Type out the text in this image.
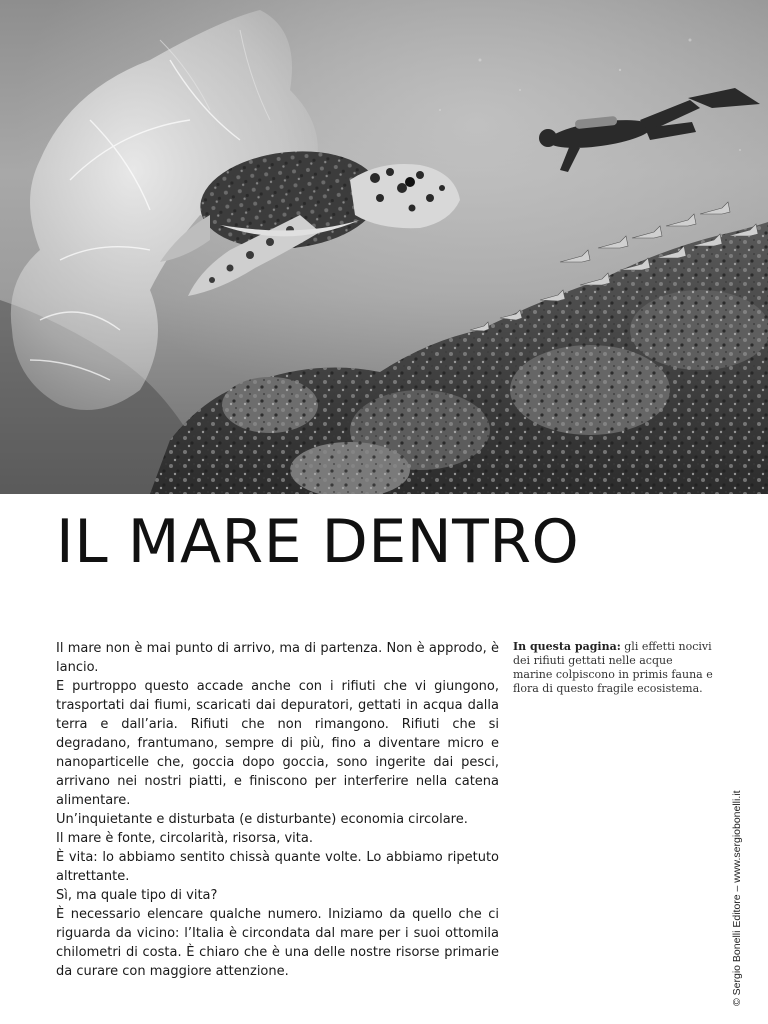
IL MARE DENTRO

Il mare non è mai punto di arrivo, ma di partenza. Non è approdo, è lancio.

E purtroppo questo accade anche con i rifiuti che vi giungono, trasportati dai fiumi, scaricati dai depuratori, gettati in acqua dalla terra e dall’aria. Rifiuti che non rimangono. Rifiuti che si degradano, frantumano, sempre di più, fino a diventare micro e nanoparticelle che, goccia dopo goccia, sono ingerite dai pesci, arrivano nei nostri piatti, e finiscono per interferire nella catena alimentare.

Un’inquietante e disturbata (e disturbante) economia circolare.

Il mare è fonte, circolarità, risorsa, vita.

È vita: lo abbiamo sentito chissà quante volte. Lo abbiamo ripetuto altrettante.

Sì, ma quale tipo di vita?

È necessario elencare qualche numero. Iniziamo da quello che ci riguarda da vicino: l’Italia è circondata dal mare per i suoi ottomila chilometri di costa. È chiaro che è una delle nostre risorse primarie da curare con maggiore attenzione.

In questa pagina: gli effetti nocivi dei rifiuti gettati nelle acque marine colpiscono in primis fauna e flora di questo fragile ecosistema.

© Sergio Bonelli Editore – www.sergiobonelli.it
